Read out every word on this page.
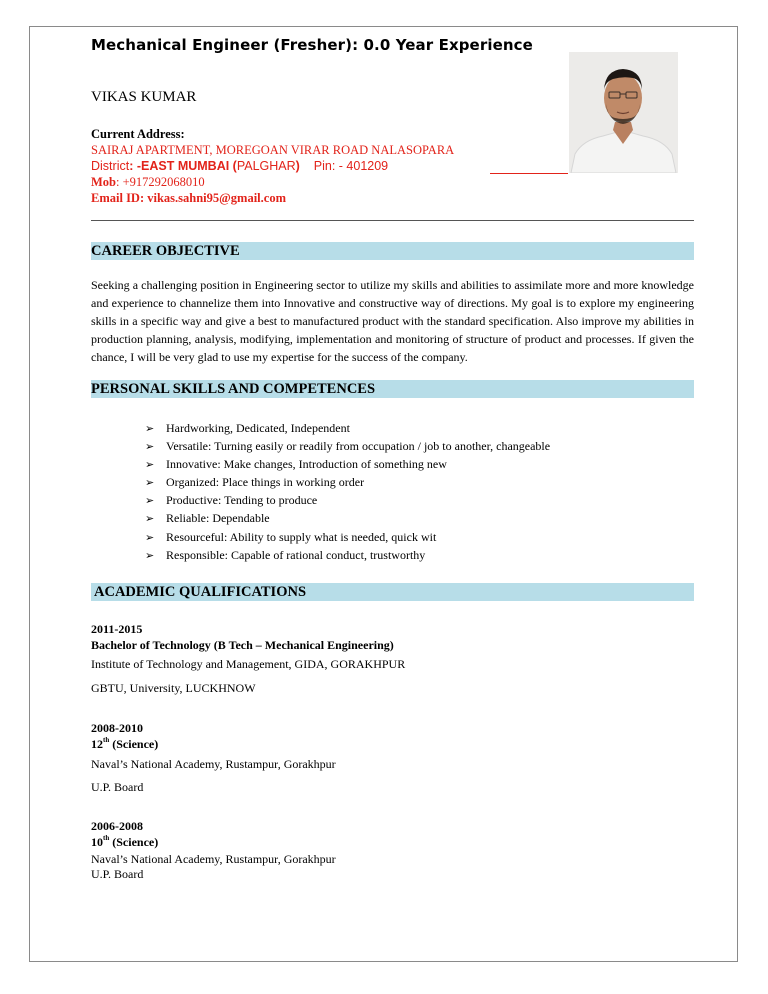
Mechanical Engineer (Fresher): 0.0 Year Experience
VIKAS KUMAR
Current Address:
SAIRAJ APARTMENT, MOREGOAN VIRAR ROAD NALASOPARA
District: -EAST MUMBAI (PALGHAR) Pin: - 401209
Mob: +917292068010
Email ID: vikas.sahni95@gmail.com
CAREER OBJECTIVE
Seeking a challenging position in Engineering sector to utilize my skills and abilities to assimilate more and more knowledge and experience to channelize them into Innovative and constructive way of directions. My goal is to explore my engineering skills in a specific way and give a best to manufactured product with the standard specification. Also improve my abilities in production planning, analysis, modifying, implementation and monitoring of structure of product and processes. If given the chance, I will be very glad to use my expertise for the success of the company.
PERSONAL SKILLS AND COMPETENCES
➢ Hardworking, Dedicated, Independent
➢ Versatile: Turning easily or readily from occupation / job to another, changeable
➢ Innovative: Make changes, Introduction of something new
➢ Organized: Place things in working order
➢ Productive: Tending to produce
➢ Reliable: Dependable
➢ Resourceful: Ability to supply what is needed, quick wit
➢ Responsible: Capable of rational conduct, trustworthy
ACADEMIC QUALIFICATIONS
2011-2015
Bachelor of Technology (B Tech – Mechanical Engineering)
Institute of Technology and Management, GIDA, GORAKHPUR
GBTU, University, LUCKHNOW
2008-2010
12th (Science)
Naval’s National Academy, Rustampur, Gorakhpur
U.P. Board
2006-2008
10th (Science)
Naval’s National Academy, Rustampur, Gorakhpur
U.P. Board
